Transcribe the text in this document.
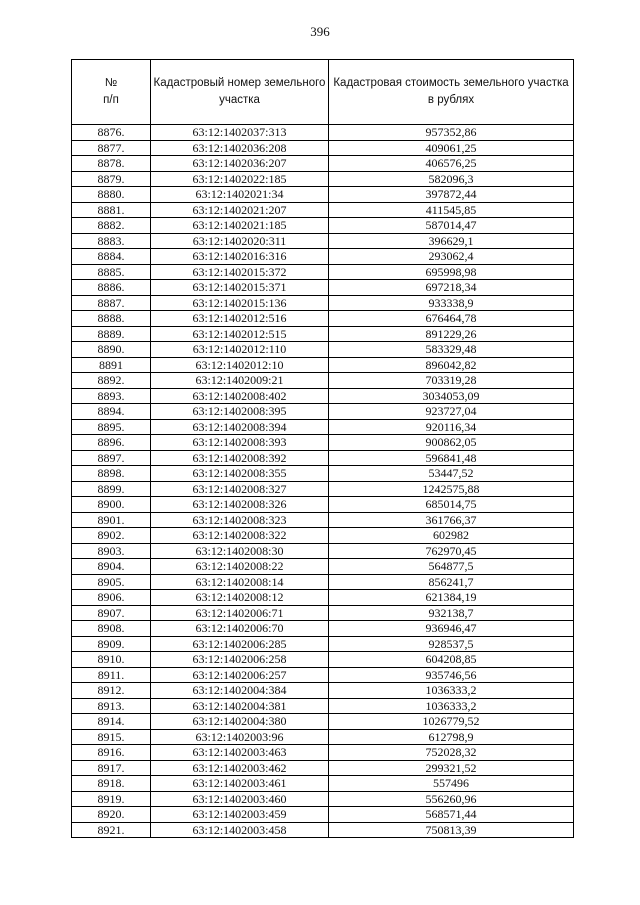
396
№
п/п	Кадастровый номер земельного участка	Кадастровая стоимость земельного участка в рублях
8876.	63:12:1402037:313	957352,86
8877.	63:12:1402036:208	409061,25
8878.	63:12:1402036:207	406576,25
8879.	63:12:1402022:185	582096,3
8880.	63:12:1402021:34	397872,44
8881.	63:12:1402021:207	411545,85
8882.	63:12:1402021:185	587014,47
8883.	63:12:1402020:311	396629,1
8884.	63:12:1402016:316	293062,4
8885.	63:12:1402015:372	695998,98
8886.	63:12:1402015:371	697218,34
8887.	63:12:1402015:136	933338,9
8888.	63:12:1402012:516	676464,78
8889.	63:12:1402012:515	891229,26
8890.	63:12:1402012:110	583329,48
8891	63:12:1402012:10	896042,82
8892.	63:12:1402009:21	703319,28
8893.	63:12:1402008:402	3034053,09
8894.	63:12:1402008:395	923727,04
8895.	63:12:1402008:394	920116,34
8896.	63:12:1402008:393	900862,05
8897.	63:12:1402008:392	596841,48
8898.	63:12:1402008:355	53447,52
8899.	63:12:1402008:327	1242575,88
8900.	63:12:1402008:326	685014,75
8901.	63:12:1402008:323	361766,37
8902.	63:12:1402008:322	602982
8903.	63:12:1402008:30	762970,45
8904.	63:12:1402008:22	564877,5
8905.	63:12:1402008:14	856241,7
8906.	63:12:1402008:12	621384,19
8907.	63:12:1402006:71	932138,7
8908.	63:12:1402006:70	936946,47
8909.	63:12:1402006:285	928537,5
8910.	63:12:1402006:258	604208,85
8911.	63:12:1402006:257	935746,56
8912.	63:12:1402004:384	1036333,2
8913.	63:12:1402004:381	1036333,2
8914.	63:12:1402004:380	1026779,52
8915.	63:12:1402003:96	612798,9
8916.	63:12:1402003:463	752028,32
8917.	63:12:1402003:462	299321,52
8918.	63:12:1402003:461	557496
8919.	63:12:1402003:460	556260,96
8920.	63:12:1402003:459	568571,44
8921.	63:12:1402003:458	750813,39
